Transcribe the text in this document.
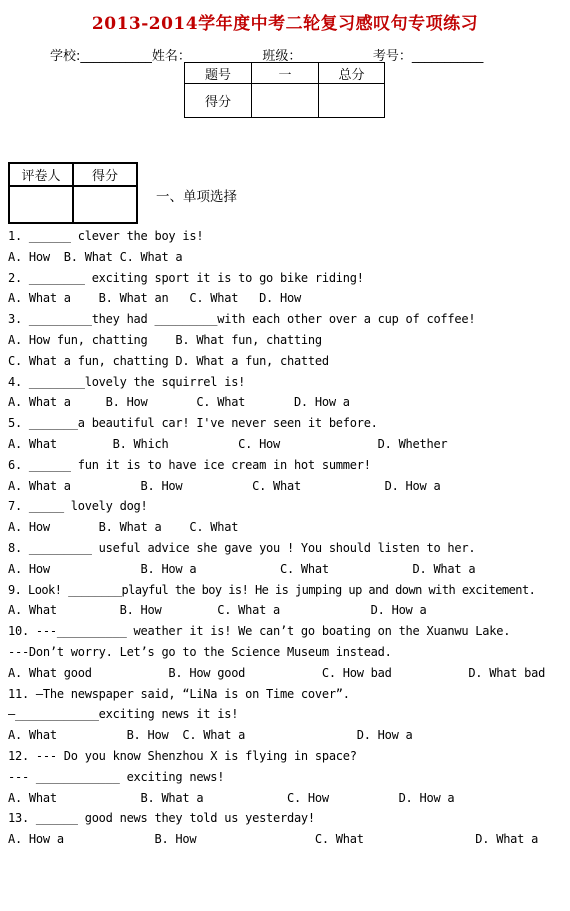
2013-2014学年度中考二轮复习感叹句专项练习
学校:___________姓名：___________班级：___________考号：___________
题号	一	总分
得分		
评卷人	得分

一、单项选择
1. ______ clever the boy is!
A. How  B. What C. What a
2. ________ exciting sport it is to go bike riding!
A. What a    B. What an   C. What   D. How
3. _________they had _________with each other over a cup of coffee!
A. How fun, chatting    B. What fun, chatting
C. What a fun, chatting D. What a fun, chatted
4. ________lovely the squirrel is!
A. What a     B. How       C. What       D. How a
5. _______a beautiful car! I've never seen it before.
A. What        B. Which          C. How              D. Whether
6. ______ fun it is to have ice cream in hot summer!
A. What a          B. How          C. What            D. How a
7. _____ lovely dog!
A. How       B. What a    C. What
8. _________ useful advice she gave you ! You should listen to her.
A. How             B. How a            C. What            D. What a
9. Look! ________playful the boy is! He is jumping up and down with excitement.
A. What         B. How        C. What a             D. How a
10. ---__________ weather it is! We can’t go boating on the Xuanwu Lake.
---Don’t worry. Let’s go to the Science Museum instead.
A. What good           B. How good           C. How bad           D. What bad
11. —The newspaper said, “LiNa is on Time cover”.
—____________exciting news it is!
A. What          B. How  C. What a                D. How a
12. --- Do you know Shenzhou X is flying in space?
--- ____________ exciting news!
A. What            B. What a            C. How          D. How a
13. ______ good news they told us yesterday!
A. How a             B. How                 C. What                D. What a
